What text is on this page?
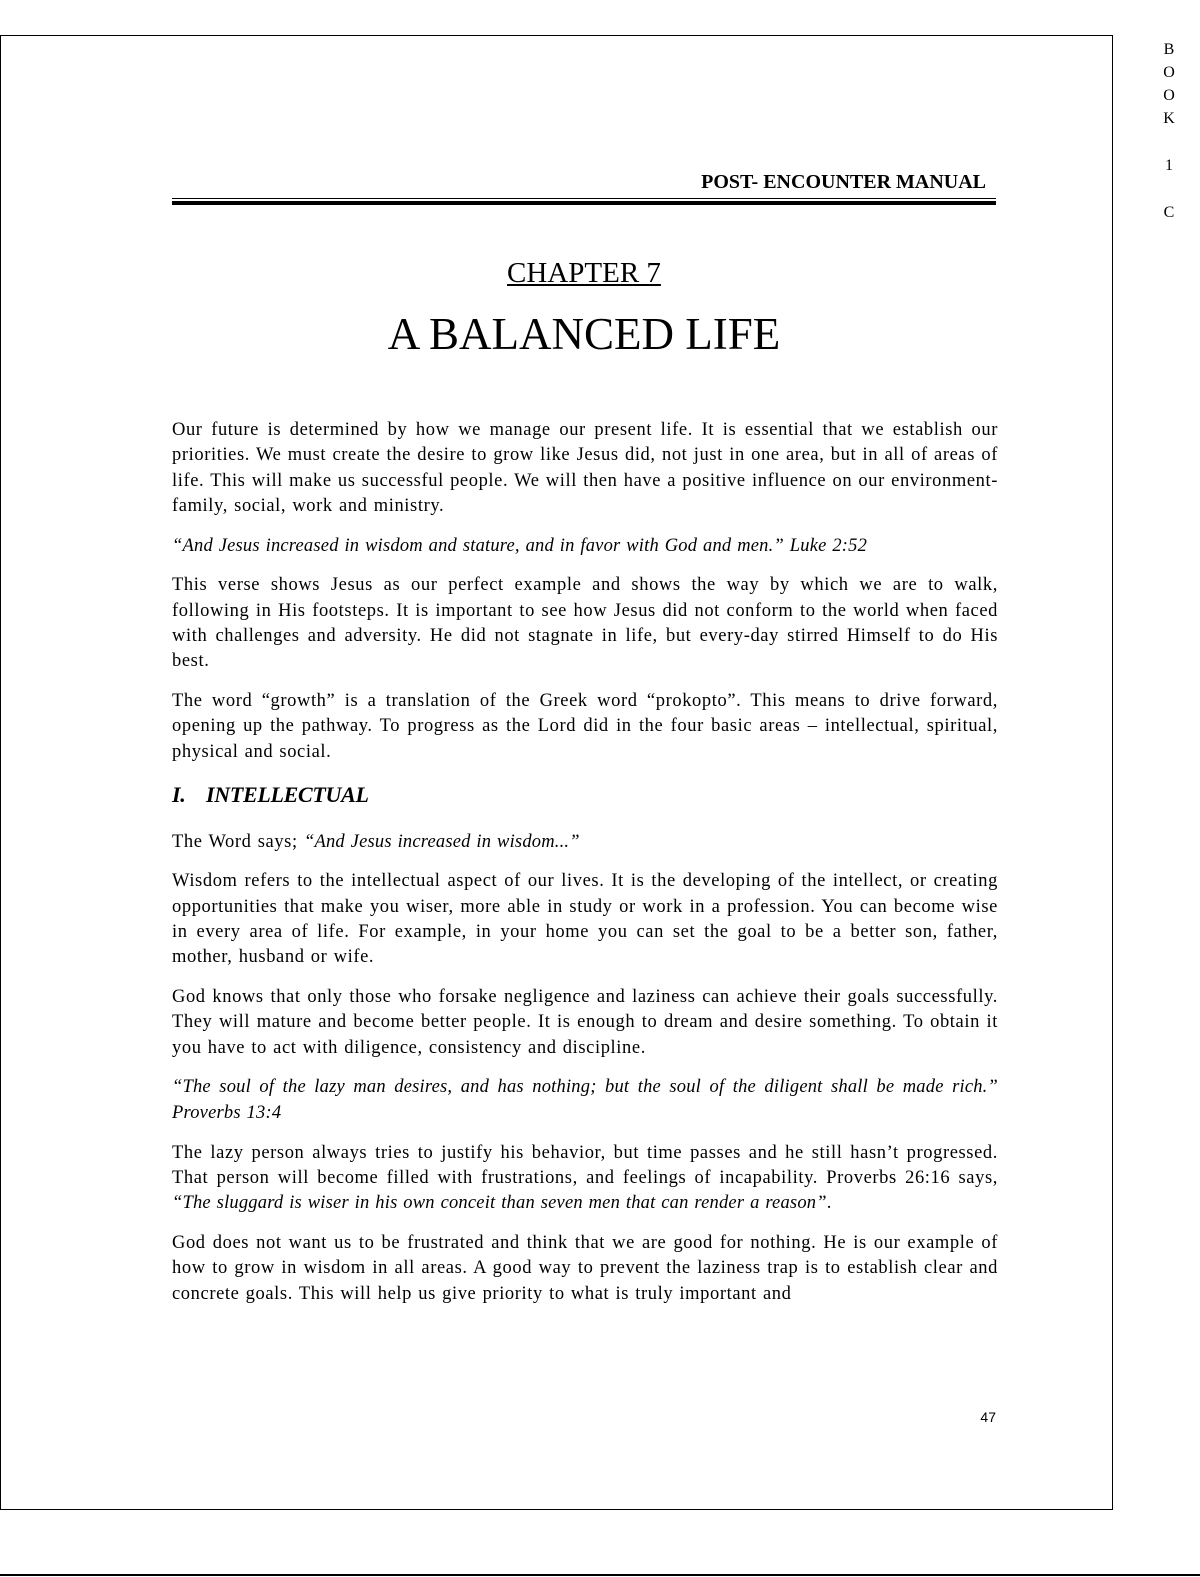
B
O
O
K
1
C
POST- ENCOUNTER MANUAL
CHAPTER 7
A BALANCED LIFE

Our future is determined by how we manage our present life. It is essential that we establish our priorities. We must create the desire to grow like Jesus did, not just in one area, but in all of areas of life. This will make us successful people. We will then have a positive influence on our environment-family, social, work and ministry.

“And Jesus increased in wisdom and stature, and in favor with God and men.” Luke 2:52

This verse shows Jesus as our perfect example and shows the way by which we are to walk, following in His footsteps. It is important to see how Jesus did not conform to the world when faced with challenges and adversity. He did not stagnate in life, but every-day stirred Himself to do His best.

The word “growth” is a translation of the Greek word “prokopto”. This means to drive forward, opening up the pathway. To progress as the Lord did in the four basic areas – intellectual, spiritual, physical and social.

I. INTELLECTUAL

The Word says; “And Jesus increased in wisdom...”

Wisdom refers to the intellectual aspect of our lives. It is the developing of the intellect, or creating opportunities that make you wiser, more able in study or work in a profession. You can become wise in every area of life. For example, in your home you can set the goal to be a better son, father, mother, husband or wife.

God knows that only those who forsake negligence and laziness can achieve their goals successfully. They will mature and become better people. It is enough to dream and desire something. To obtain it you have to act with diligence, consistency and discipline.

“The soul of the lazy man desires, and has nothing; but the soul of the diligent shall be made rich.” Proverbs 13:4

The lazy person always tries to justify his behavior, but time passes and he still hasn’t progressed. That person will become filled with frustrations, and feelings of incapability. Proverbs 26:16 says, “The sluggard is wiser in his own conceit than seven men that can render a reason”.

God does not want us to be frustrated and think that we are good for nothing. He is our example of how to grow in wisdom in all areas. A good way to prevent the laziness trap is to establish clear and concrete goals. This will help us give priority to what is truly important and

47
